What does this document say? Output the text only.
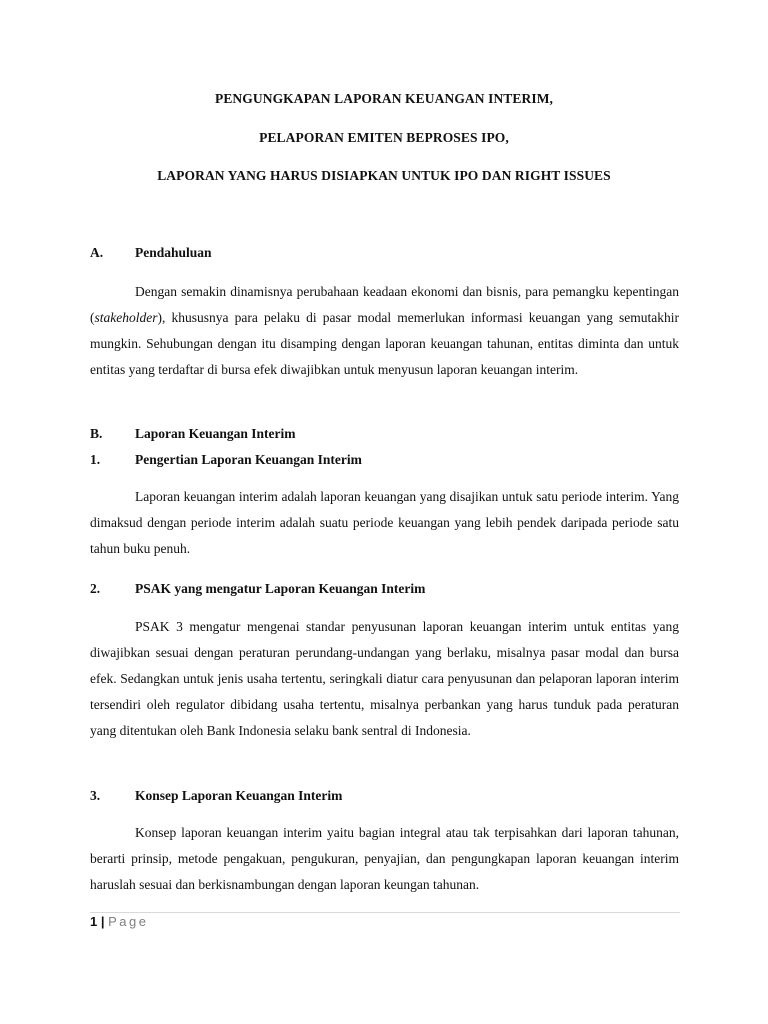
PENGUNGKAPAN LAPORAN KEUANGAN INTERIM,
PELAPORAN EMITEN BEPROSES IPO,
LAPORAN YANG HARUS DISIAPKAN UNTUK IPO DAN RIGHT ISSUES
A. Pendahuluan
Dengan semakin dinamisnya perubahaan keadaan ekonomi dan bisnis, para pemangku kepentingan (stakeholder), khususnya para pelaku di pasar modal memerlukan informasi keuangan yang semutakhir mungkin. Sehubungan dengan itu disamping dengan laporan keuangan tahunan, entitas diminta dan untuk entitas yang terdaftar di bursa efek diwajibkan untuk menyusun laporan keuangan interim.
B. Laporan Keuangan Interim
1.	Pengertian Laporan Keuangan Interim
Laporan keuangan interim adalah laporan keuangan yang disajikan untuk satu periode interim. Yang dimaksud dengan periode interim adalah suatu periode keuangan yang lebih pendek daripada periode satu tahun buku penuh.
2.	PSAK yang mengatur Laporan Keuangan Interim
PSAK 3 mengatur mengenai standar penyusunan laporan keuangan interim untuk entitas yang diwajibkan sesuai dengan peraturan perundang-undangan yang berlaku, misalnya pasar modal dan bursa efek. Sedangkan untuk jenis usaha tertentu, seringkali diatur cara penyusunan dan pelaporan laporan interim tersendiri oleh regulator dibidang usaha tertentu, misalnya perbankan yang harus tunduk pada peraturan yang ditentukan oleh Bank Indonesia selaku bank sentral di Indonesia.
3.	Konsep Laporan Keuangan Interim
Konsep laporan keuangan interim yaitu bagian integral atau tak terpisahkan dari laporan tahunan, berarti prinsip, metode pengakuan, pengukuran, penyajian, dan pengungkapan laporan keuangan interim haruslah sesuai dan berkisnambungan dengan laporan keungan tahunan.
1 | Page
